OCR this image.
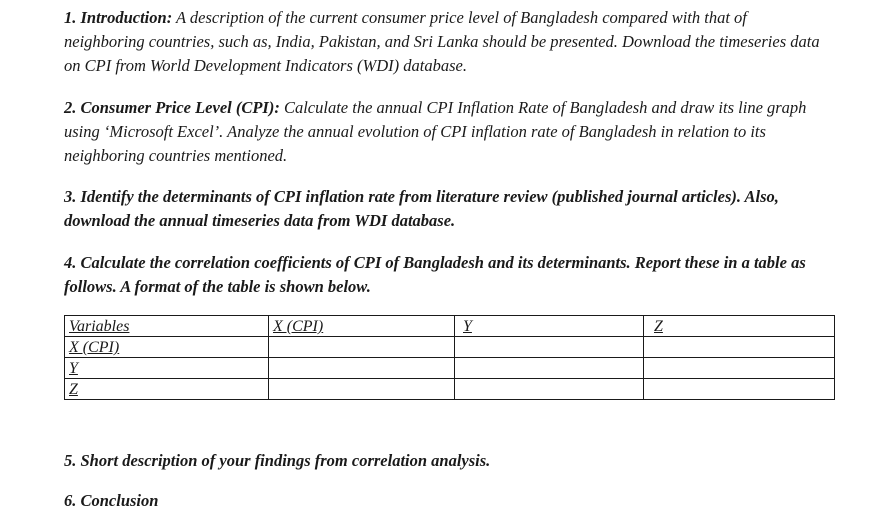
1. Introduction: A description of the current consumer price level of Bangladesh compared with that of neighboring countries, such as, India, Pakistan, and Sri Lanka should be presented. Download the timeseries data on CPI from World Development Indicators (WDI) database.

2. Consumer Price Level (CPI): Calculate the annual CPI Inflation Rate of Bangladesh and draw its line graph using ‘Microsoft Excel’. Analyze the annual evolution of CPI inflation rate of Bangladesh in relation to its neighboring countries mentioned.

3. Identify the determinants of CPI inflation rate from literature review (published journal articles). Also, download the annual timeseries data from WDI database.

4. Calculate the correlation coefficients of CPI of Bangladesh and its determinants. Report these in a table as follows. A format of the table is shown below.

Variables	X (CPI)	Y	Z
X (CPI)			
Y			
Z			

5. Short description of your findings from correlation analysis.

6. Conclusion
